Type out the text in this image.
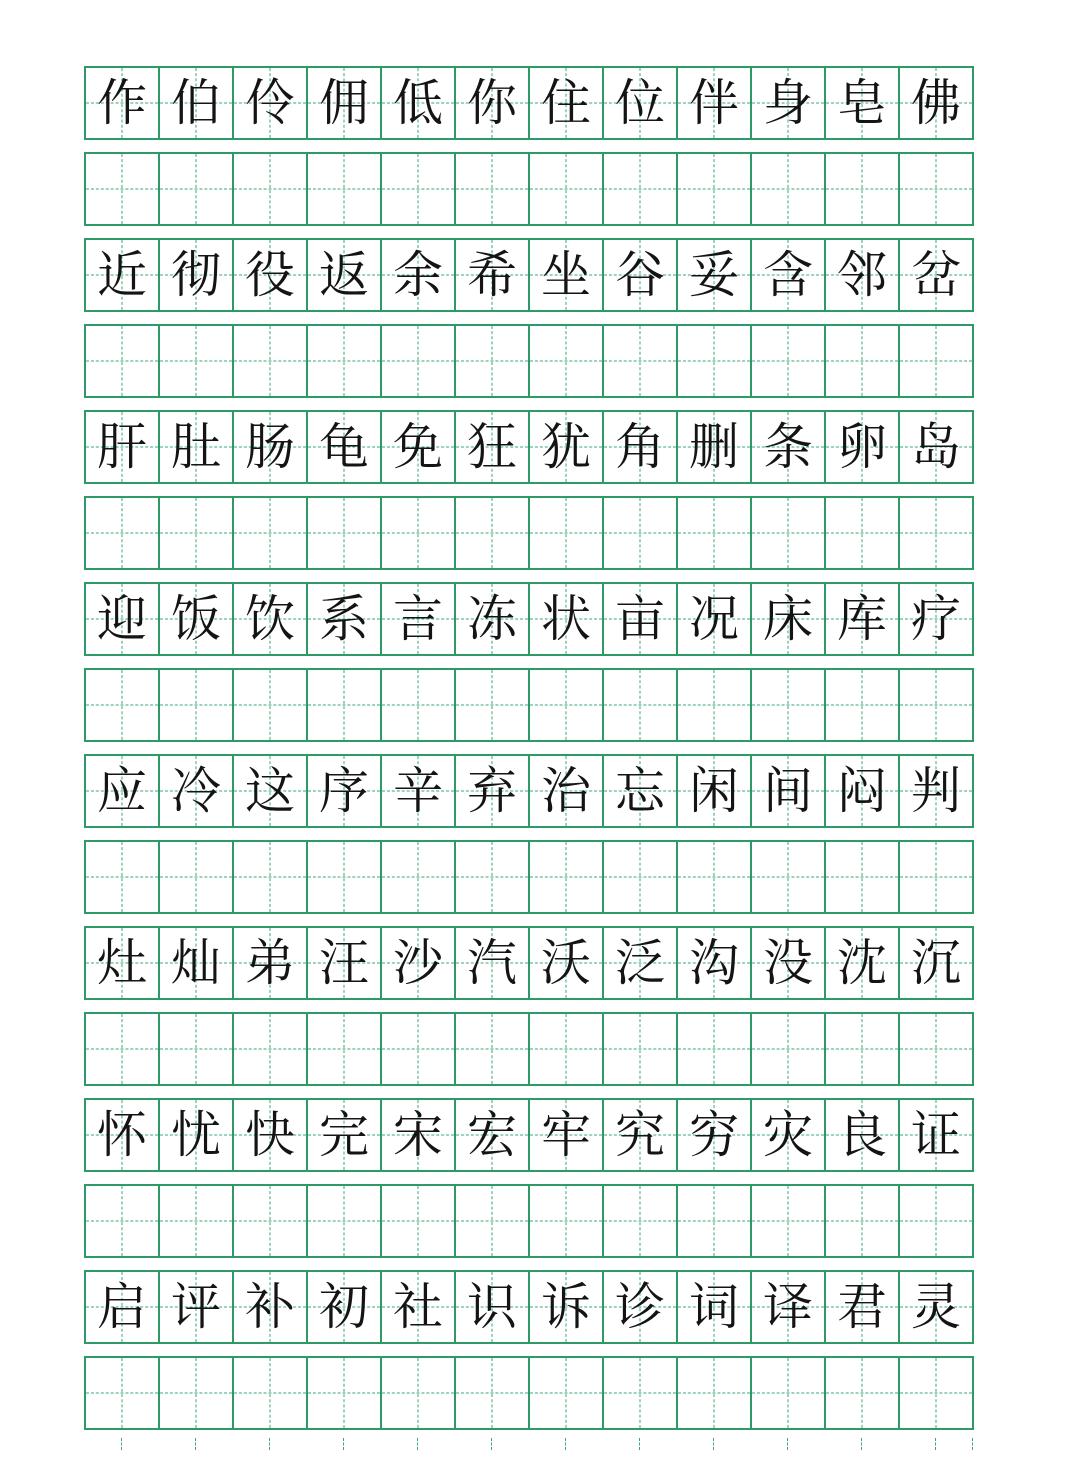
作 伯 伶 佣 低 你 住 位 伴 身 皂 佛
近 彻 役 返 余 希 坐 谷 妥 含 邻 岔
肝 肚 肠 龟 免 狂 犹 角 删 条 卵 岛
迎 饭 饮 系 言 冻 状 亩 况 床 库 疗
应 冷 这 序 辛 弃 治 忘 闲 间 闷 判
灶 灿 弟 汪 沙 汽 沃 泛 沟 没 沈 沉
怀 忧 快 完 宋 宏 牢 究 穷 灾 良 证
启 评 补 初 社 识 诉 诊 词 译 君 灵
